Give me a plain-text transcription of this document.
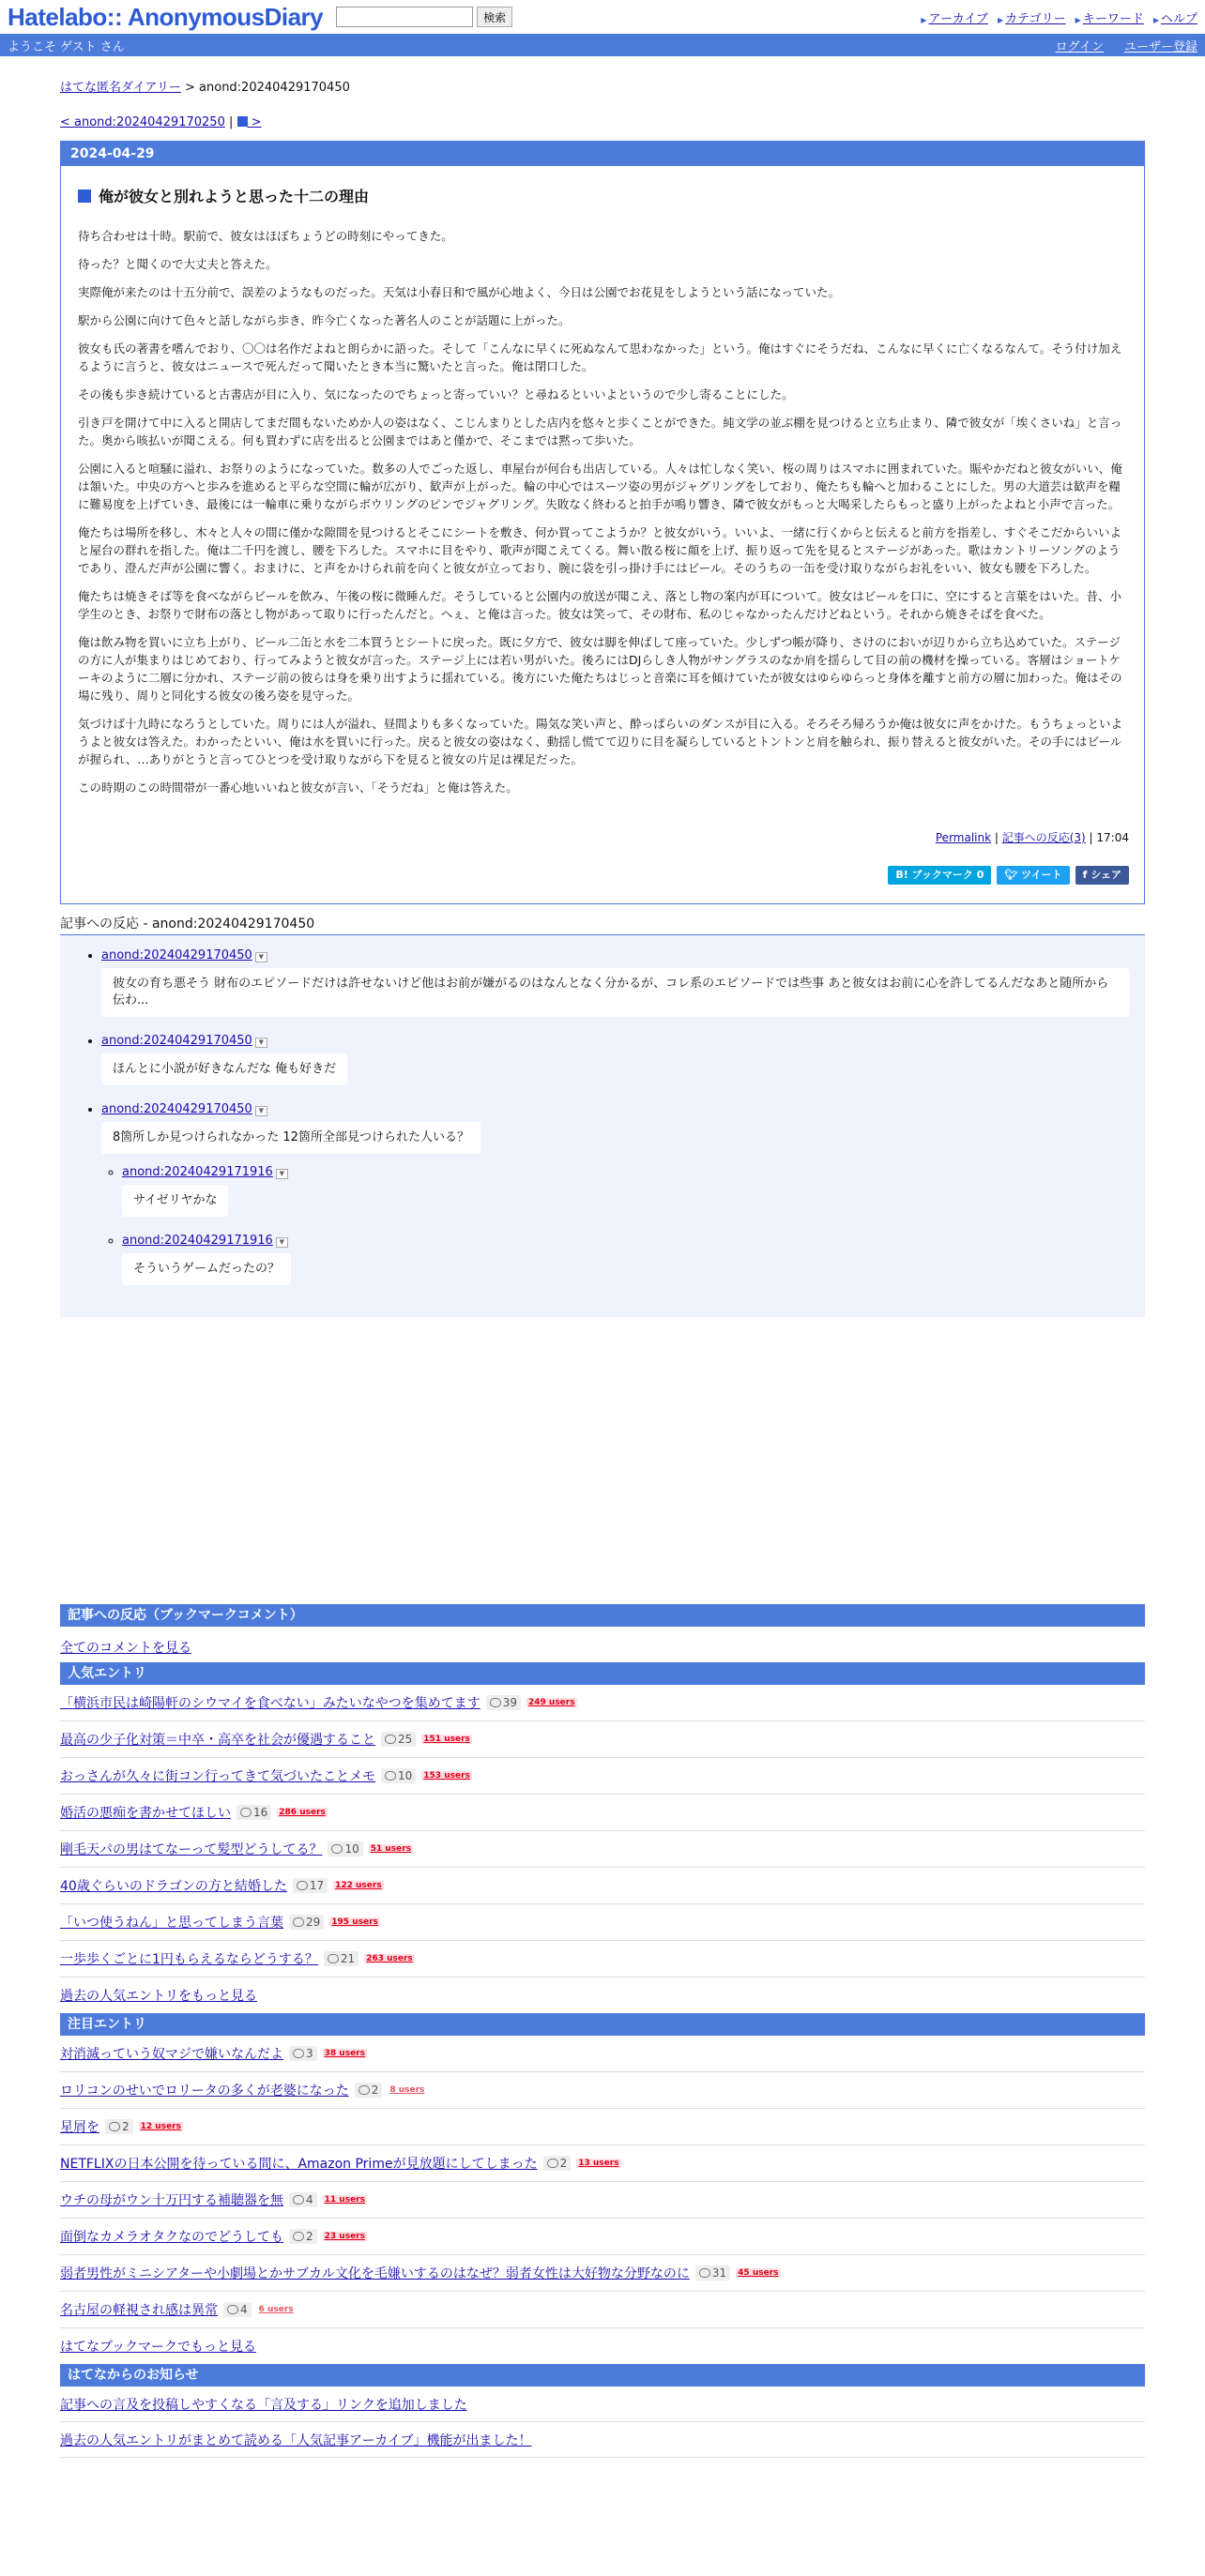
Hatelabo:: AnonymousDiary	検索	▶︎ アーカイブ	▶︎ カテゴリー	▶︎ キーワード	▶︎ ヘルプ
ようこそ ゲスト さん	ログイン ユーザー登録
はてな匿名ダイアリー > anond:20240429170450
< anond:20240429170250 | >
2024-04-29
俺が彼女と別れようと思った十二の理由

待ち合わせは十時。駅前で、彼女はほぼちょうどの時刻にやってきた。

待った？と聞くので大丈夫と答えた。

実際俺が来たのは十五分前で、誤差のようなものだった。天気は小春日和で風が心地よく、今日は公園でお花見をしようという話になっていた。

駅から公園に向けて色々と話しながら歩き、昨今亡くなった著名人のことが話題に上がった。

彼女も氏の著書を嗜んでおり、〇〇は名作だよねと朗らかに語った。そして「こんなに早くに死ぬなんて思わなかった」という。俺はすぐにそうだね、こんなに早くに亡くなるなんて。そう付け加えるように言うと、彼女はニュースで死んだって聞いたとき本当に驚いたと言った。俺は閉口した。

その後も歩き続けていると古書店が目に入り、気になったのでちょっと寄っていい？と尋ねるといいよというので少し寄ることにした。

引き戸を開けて中に入ると開店してまだ間もないためか人の姿はなく、こじんまりとした店内を悠々と歩くことができた。純文学の並ぶ棚を見つけると立ち止まり、隣で彼女が「埃くさいね」と言った。奥から咳払いが聞こえる。何も買わずに店を出ると公園まではあと僅かで、そこまでは黙って歩いた。

公園に入ると喧騒に溢れ、お祭りのようになっていた。数多の人でごった返し、車屋台が何台も出店している。人々は忙しなく笑い、桜の周りはスマホに囲まれていた。賑やかだねと彼女がいい、俺は頷いた。中央の方へと歩みを進めると平らな空間に輪が広がり、歓声が上がった。輪の中心ではスーツ姿の男がジャグリングをしており、俺たちも輪へと加わることにした。男の大道芸は歓声を糧に難易度を上げていき、最後には一輪車に乗りながらボウリングのピンでジャグリング。失敗なく終わると拍手が鳴り響き、隣で彼女がもっと大喝采したらもっと盛り上がったよねと小声で言った。

俺たちは場所を移し、木々と人々の間に僅かな隙間を見つけるとそこにシートを敷き、何か買ってこようか？と彼女がいう。いいよ、一緒に行くからと伝えると前方を指差し、すぐそこだからいいよと屋台の群れを指した。俺は二千円を渡し、腰を下ろした。スマホに目をやり、歌声が聞こえてくる。舞い散る桜に顔を上げ、振り返って先を見るとステージがあった。歌はカントリーソングのようであり、澄んだ声が公園に響く。おまけに、と声をかけられ前を向くと彼女が立っており、腕に袋を引っ掛け手にはビール。そのうちの一缶を受け取りながらお礼をいい、彼女も腰を下ろした。

俺たちは焼きそば等を食べながらビールを飲み、午後の桜に微睡んだ。そうしていると公園内の放送が聞こえ、落とし物の案内が耳について。彼女はビールを口に、空にすると言葉をはいた。昔、小学生のとき、お祭りで財布の落とし物があって取りに行ったんだと。へぇ、と俺は言った。彼女は笑って、その財布、私のじゃなかったんだけどねという。それから焼きそばを食べた。

俺は飲み物を買いに立ち上がり、ビール二缶と水を二本買うとシートに戻った。既に夕方で、彼女は脚を伸ばして座っていた。少しずつ帳が降り、さけのにおいが辺りから立ち込めていた。ステージの方に人が集まりはじめており、行ってみようと彼女が言った。ステージ上には若い男がいた。後ろにはDJらしき人物がサングラスのなか肩を揺らして目の前の機材を操っている。客層はショートケーキのように二層に分かれ、ステージ前の彼らは身を乗り出すように揺れている。後方にいた俺たちはじっと音楽に耳を傾けていたが彼女はゆらゆらっと身体を離すと前方の層に加わった。俺はその場に残り、周りと同化する彼女の後ろ姿を見守った。

気づけば十九時になろうとしていた。周りには人が溢れ、昼間よりも多くなっていた。陽気な笑い声と、酔っぱらいのダンスが目に入る。そろそろ帰ろうか俺は彼女に声をかけた。もうちょっといようよと彼女は答えた。わかったといい、俺は水を買いに行った。戻ると彼女の姿はなく、動揺し慌てて辺りに目を凝らしているとトントンと肩を触られ、振り替えると彼女がいた。その手にはビールが握られ、…ありがとうと言ってひとつを受け取りながら下を見ると彼女の片足は裸足だった。

この時期のこの時間帯が一番心地いいねと彼女が言い、「そうだね」と俺は答えた。

Permalink | 記事への反応(3) | 17:04
B! ブックマーク 0	🐦︎ ツイート	f シェア
記事への反応 - anond:20240429170450
• anond:20240429170450 ▼
彼女の育ち悪そう 財布のエピソードだけは許せないけど他はお前が嫌がるのはなんとなく分かるが、コレ系のエピソードでは些事 あと彼女はお前に心を許してるんだなあと随所から伝わ...
• anond:20240429170450 ▼
ほんとに小説が好きなんだな 俺も好きだ
• anond:20240429170450 ▼
8箇所しか見つけられなかった 12箇所全部見つけられた人いる？
◦ anond:20240429171916 ▼
サイゼリヤかな
◦ anond:20240429171916 ▼
そういうゲームだったの？
記事への反応（ブックマークコメント）
全てのコメントを見る
人気エントリ
「横浜市民は崎陽軒のシウマイを食べない」みたいなやつを集めてます	39	249 users
最高の少子化対策＝中卒・高卒を社会が優遇すること	25	151 users
おっさんが久々に街コン行ってきて気づいたことメモ	10	153 users
婚活の悪痴を書かせてほしい	16	286 users
剛毛天パの男はてなーって髪型どうしてる？	10	51 users
40歳ぐらいのドラゴンの方と結婚した	17	122 users
「いつ使うねん」と思ってしまう言葉	29	195 users
一歩歩くごとに1円もらえるならどうする？	21	263 users
過去の人気エントリをもっと見る
注目エントリ
対消滅っていう奴マジで嫌いなんだよ	3	38 users
ロリコンのせいでロリータの多くが老婆になった	2	8 users
星屑を	2	12 users
NETFLIXの日本公開を待っている間に、Amazon Primeが見放題にしてしまった	2	13 users
ウチの母がウン十万円する補聴器を無	4	11 users
面倒なカメラオタクなのでどうしても	2	23 users
弱者男性がミニシアターや小劇場とかサブカル文化を毛嫌いするのはなぜ？弱者女性は大好物な分野なのに	31	45 users
名古屋の軽視され感は異常	4	6 users
はてなブックマークでもっと見る
はてなからのお知らせ
記事への言及を投稿しやすくなる「言及する」リンクを追加しました
過去の人気エントリがまとめて読める「人気記事アーカイブ」機能が出ました！
